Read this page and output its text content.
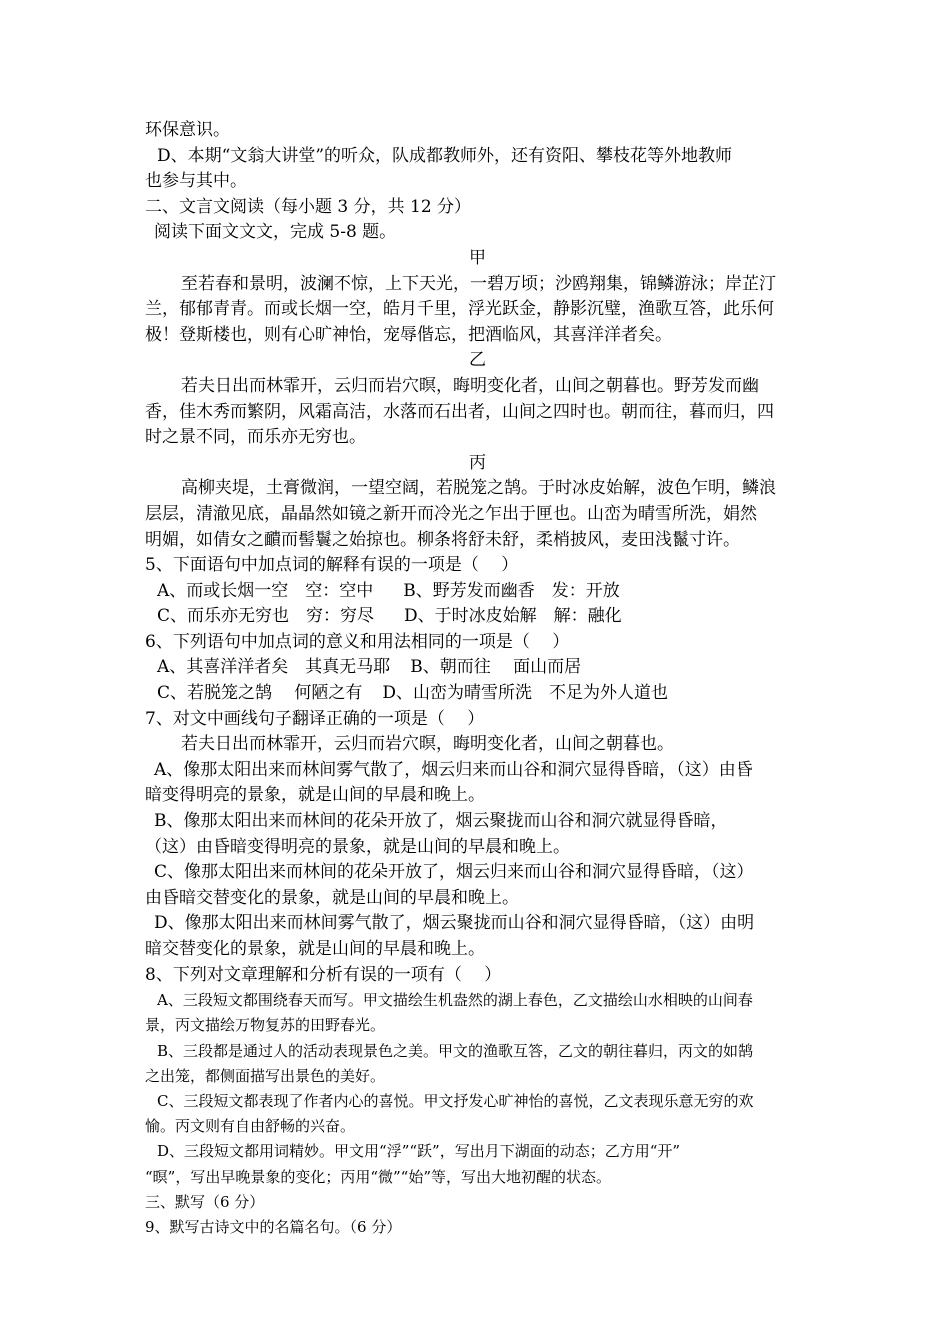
环保意识。
D、本期“文翁大讲堂”的听众，队成都教师外，还有资阳、攀枝花等外地教师
也参与其中。
二、文言文阅读（每小题 3 分，共 12 分）
阅读下面文文文，完成 5-8 题。
甲
至若春和景明，波澜不惊，上下天光，一碧万顷；沙鸥翔集，锦鳞游泳；岸芷汀
兰，郁郁青青。而或长烟一空，皓月千里，浮光跃金，静影沉璧，渔歌互答，此乐何
极！登斯楼也，则有心旷神怡，宠辱偕忘，把酒临风，其喜洋洋者矣。
乙
若夫日出而林霏开，云归而岩穴暝，晦明变化者，山间之朝暮也。野芳发而幽
香，佳木秀而繁阴，风霜高洁，水落而石出者，山间之四时也。朝而往，暮而归，四
时之景不同，而乐亦无穷也。
丙
高柳夹堤，土膏微润，一望空阔，若脱笼之鹄。于时冰皮始解，波色乍明，鳞浪
层层，清澈见底，晶晶然如镜之新开而冷光之乍出于匣也。山峦为晴雪所洗，娟然
明媚，如倩女之靧而髻鬟之始掠也。柳条将舒未舒，柔梢披风，麦田浅鬣寸许。
5、下面语句中加点词的解释有误的一项是（　 ）
A、而或长烟一空　空：空中 B、野芳发而幽香　发：开放
C、而乐亦无穷也　穷：穷尽 D、于时冰皮始解　解：融化
6、下列语句中加点词的意义和用法相同的一项是（　 ）
A、其喜洋洋者矣　其真无马耶 B、朝而往　 面山而居
C、若脱笼之鹄　 何陋之有 D、山峦为晴雪所洗　不足为外人道也
7、对文中画线句子翻译正确的一项是（　 ）
若夫日出而林霏开，云归而岩穴暝，晦明变化者，山间之朝暮也。
A、像那太阳出来而林间雾气散了，烟云归来而山谷和洞穴显得昏暗，（这）由昏
暗变得明亮的景象，就是山间的早晨和晚上。
B、像那太阳出来而林间的花朵开放了，烟云聚拢而山谷和洞穴就显得昏暗，
（这）由昏暗变得明亮的景象，就是山间的早晨和晚上。
C、像那太阳出来而林间的花朵开放了，烟云归来而山谷和洞穴显得昏暗，（这）
由昏暗交替变化的景象，就是山间的早晨和晚上。
D、像那太阳出来而林间雾气散了，烟云聚拢而山谷和洞穴显得昏暗，（这）由明
暗交替变化的景象，就是山间的早晨和晚上。
8、下列对文章理解和分析有误的一项有（　 ）
A、三段短文都围绕春天而写。甲文描绘生机盎然的湖上春色，乙文描绘山水相映的山间春
景，丙文描绘万物复苏的田野春光。
B、三段都是通过人的活动表现景色之美。甲文的渔歌互答，乙文的朝往暮归，丙文的如鹄
之出笼，都侧面描写出景色的美好。
C、三段短文都表现了作者内心的喜悦。甲文抒发心旷神怡的喜悦，乙文表现乐意无穷的欢
愉。丙文则有自由舒畅的兴奋。
D、三段短文都用词精妙。甲文用“浮”“跃”，写出月下湖面的动态；乙方用“开”
“暝”，写出早晚景象的变化；丙用“微”“始”等，写出大地初醒的状态。
三、默写（6 分）
9、默写古诗文中的名篇名句。（6 分）
